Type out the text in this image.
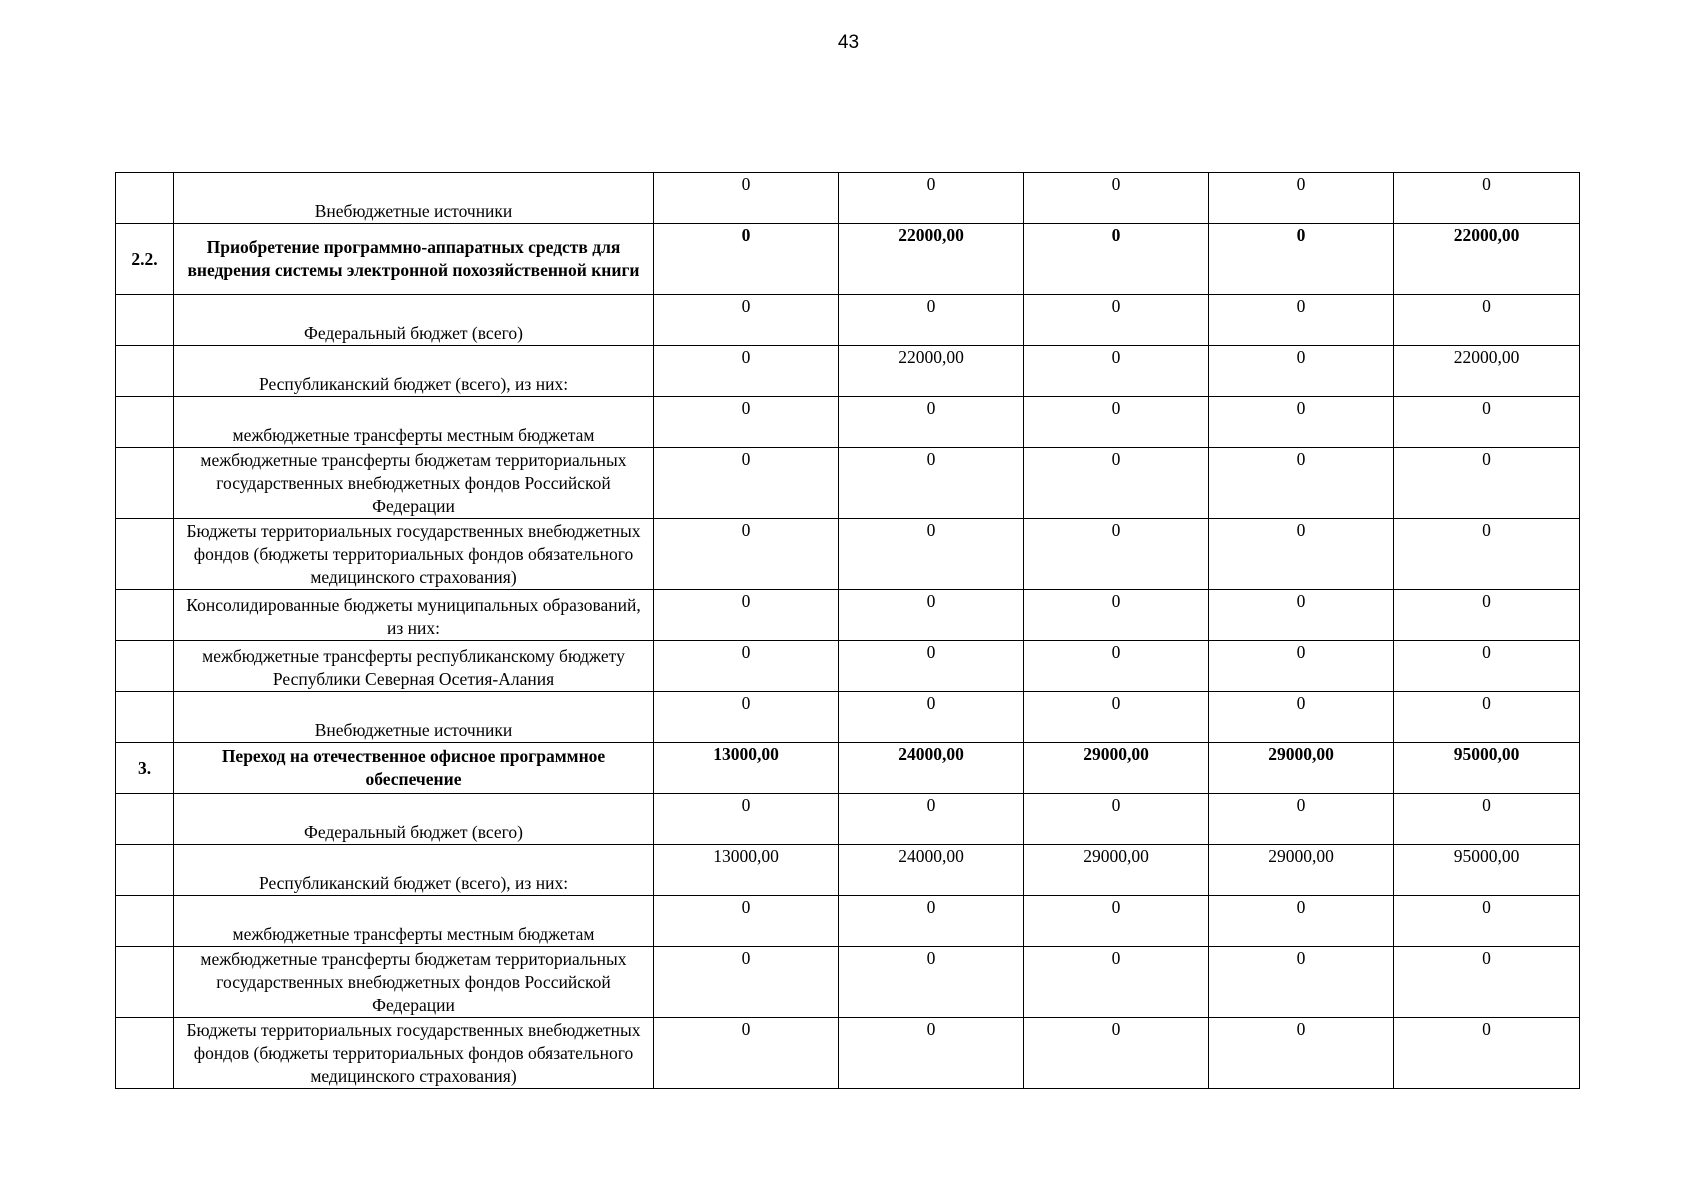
43
	Внебюджетные источники	0	0	0	0	0
2.2.	Приобретение программно-аппаратных средств для внедрения системы электронной похозяйственной книги	0	22000,00	0	0	22000,00
	Федеральный бюджет (всего)	0	0	0	0	0
	Республиканский бюджет (всего), из них:	0	22000,00	0	0	22000,00
	межбюджетные трансферты местным бюджетам	0	0	0	0	0
	межбюджетные трансферты бюджетам территориальных государственных внебюджетных фондов Российской Федерации	0	0	0	0	0
	Бюджеты территориальных государственных внебюджетных фондов (бюджеты территориальных фондов обязательного медицинского страхования)	0	0	0	0	0
	Консолидированные бюджеты муниципальных образований, из них:	0	0	0	0	0
	межбюджетные трансферты республиканскому бюджету Республики Северная Осетия-Алания	0	0	0	0	0
	Внебюджетные источники	0	0	0	0	0
3.	Переход на отечественное офисное программное обеспечение	13000,00	24000,00	29000,00	29000,00	95000,00
	Федеральный бюджет (всего)	0	0	0	0	0
	Республиканский бюджет (всего), из них:	13000,00	24000,00	29000,00	29000,00	95000,00
	межбюджетные трансферты местным бюджетам	0	0	0	0	0
	межбюджетные трансферты бюджетам территориальных государственных внебюджетных фондов Российской Федерации	0	0	0	0	0
	Бюджеты территориальных государственных внебюджетных фондов (бюджеты территориальных фондов обязательного медицинского страхования)	0	0	0	0	0
